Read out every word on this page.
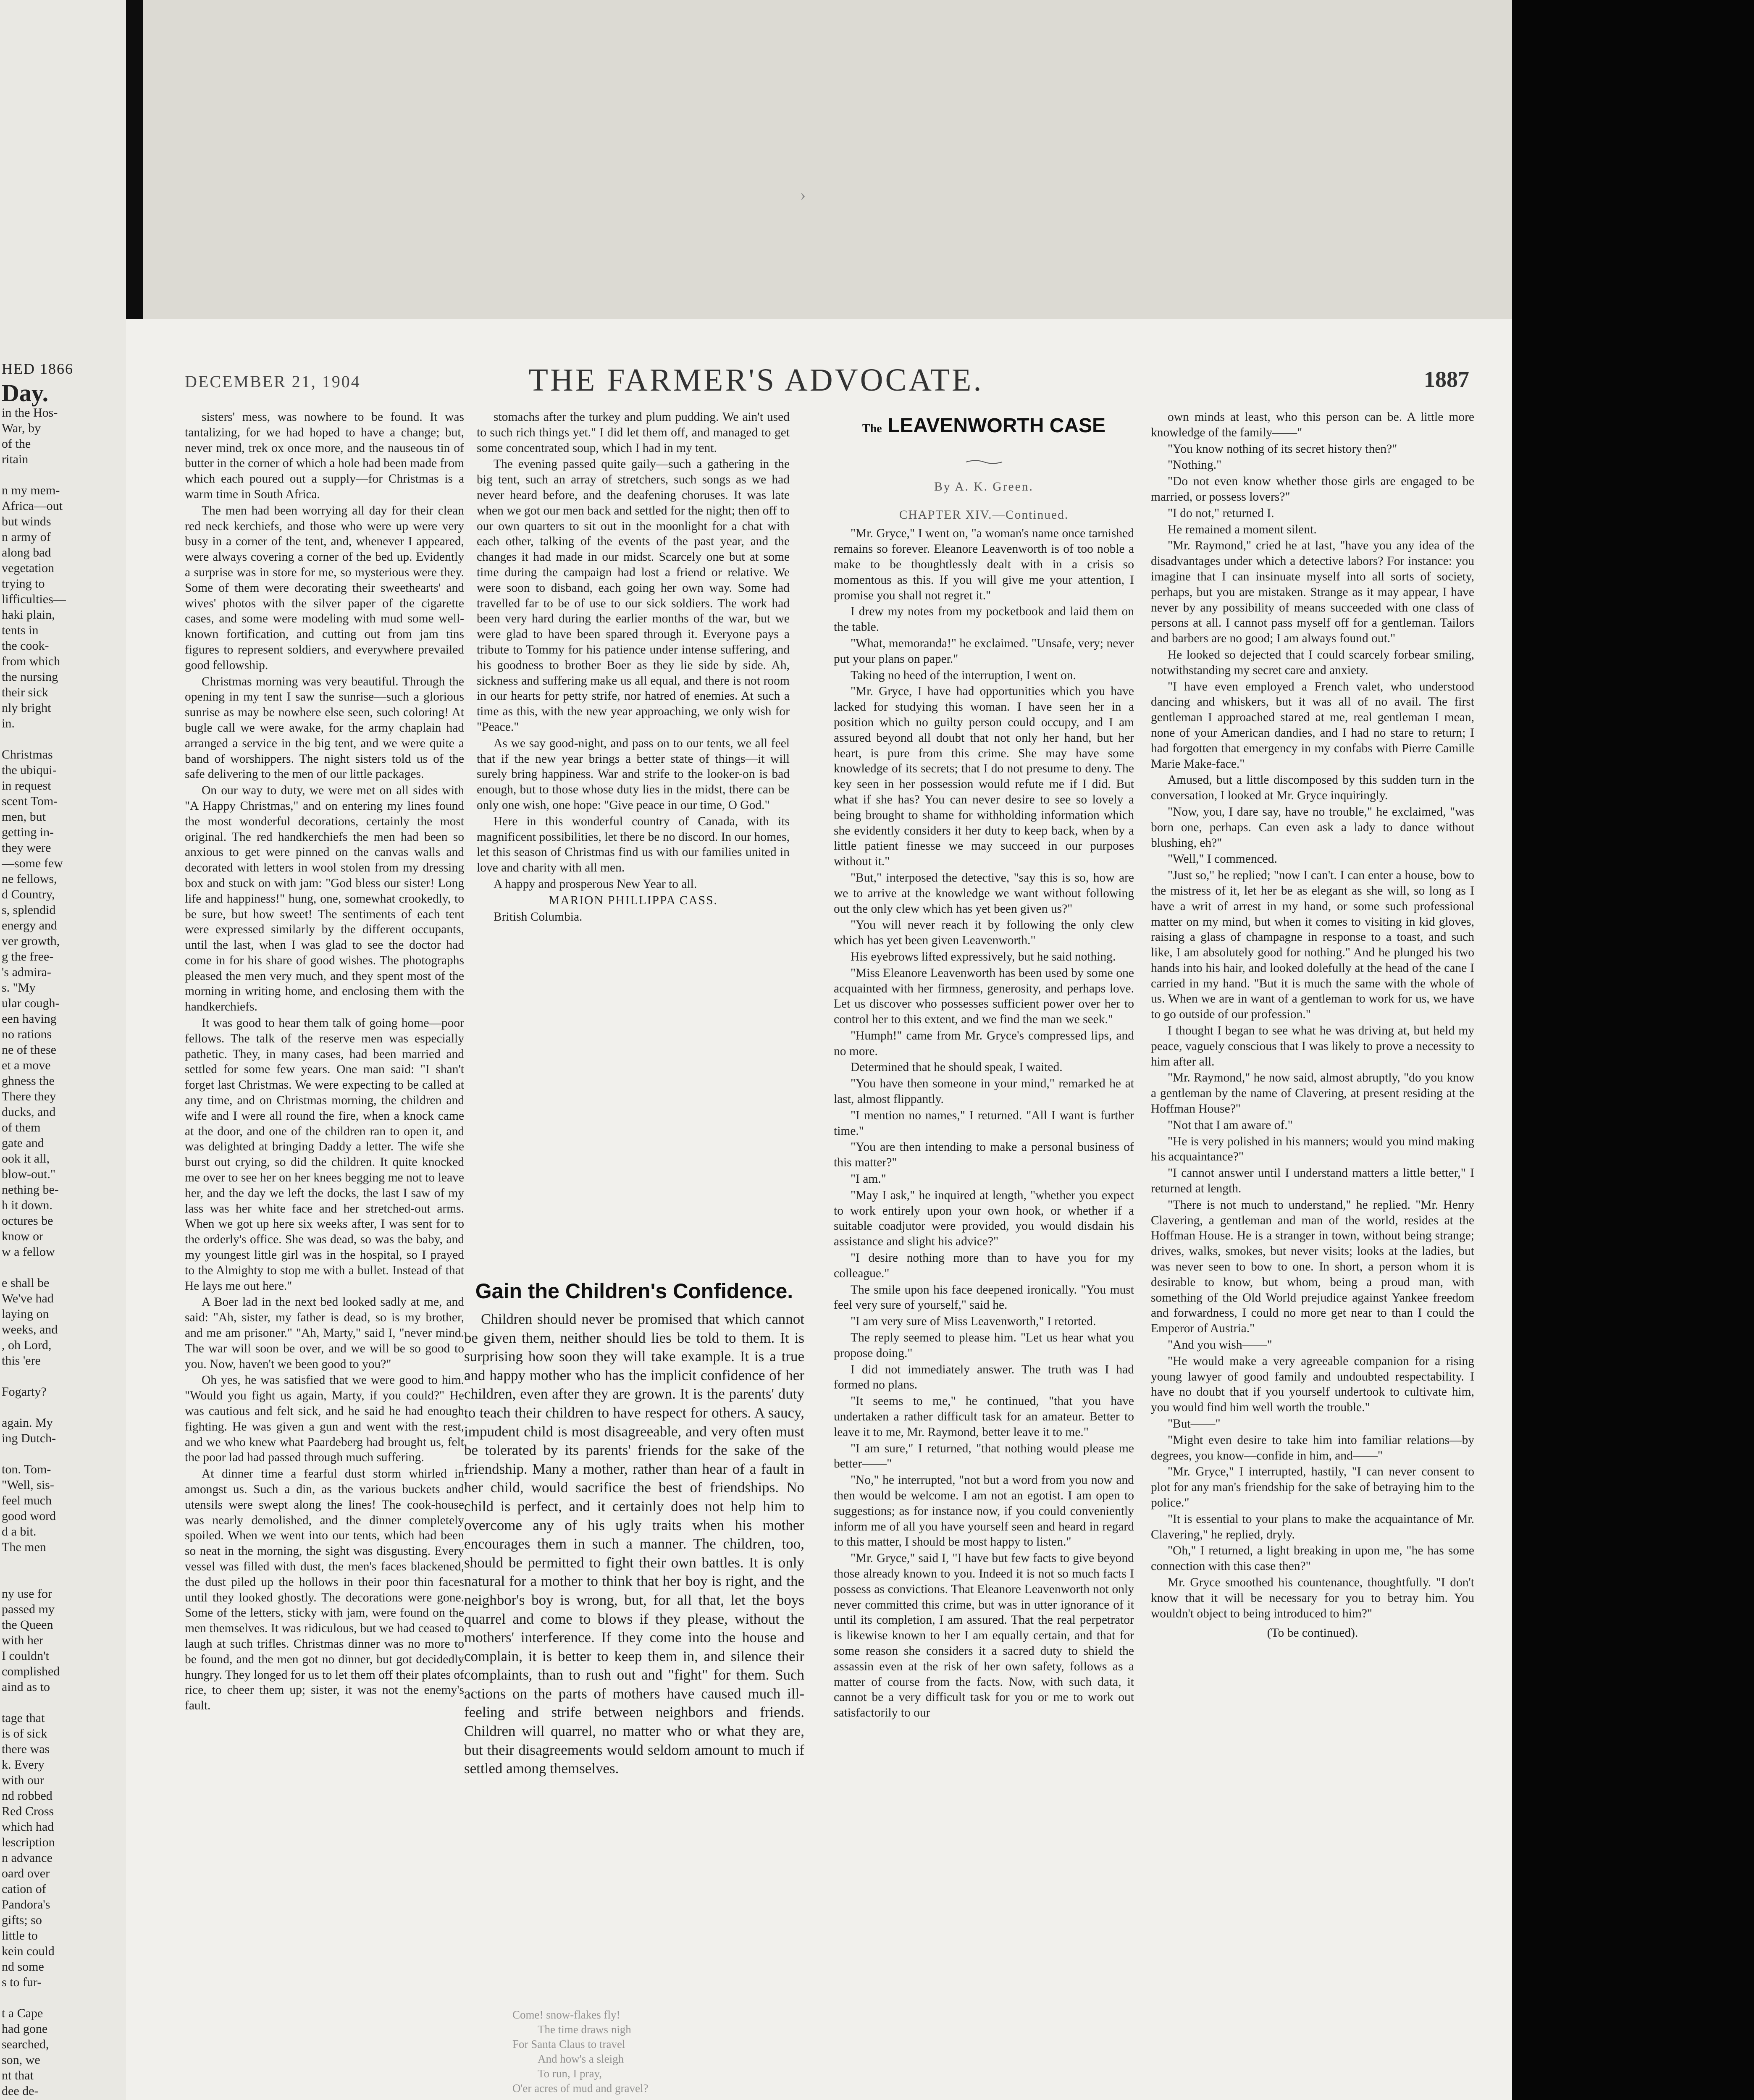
HED 1866
Day.

in the Hos-

War, by

of the

ritain

n my mem-

Africa—out

but winds

n army of

along bad

vegetation

trying to

lifficulties—

haki plain,

tents in

the cook-

from which

the nursing

their sick

nly bright

in.

Christmas

the ubiqui-

in request

scent Tom-

men, but

getting in-

they were

—some few

ne fellows,

d Country,

s, splendid

energy and

ver growth,

g the free-

's admira-

s. "My

ular cough-

een having

no rations

ne of these

et a move

ghness the

There they

ducks, and

of them

gate and

ook it all,

blow-out."

nething be-

h it down.

octures be

know or

w a fellow

e shall be

We've had

laying on

weeks, and

, oh Lord,

this 'ere

Fogarty?

again. My

ing Dutch-

ton. Tom-

"Well, sis-

feel much

good word

d a bit.

The men

ny use for

passed my

the Queen

with her

I couldn't

complished

aind as to

tage that

is of sick

there was

k. Every

with our

nd robbed

Red Cross

which had

lescription

n advance

oard over

cation of

Pandora's

gifts; so

little to

kein could

nd some

s to fur-

t a Cape

had gone

searched,

son, we

nt that

dee de-

›
DECEMBER 21, 1904	THE FARMER'S ADVOCATE.	1887

sisters' mess, was nowhere to be found. It was tantalizing, for we had hoped to have a change; but, never mind, trek ox once more, and the nauseous tin of butter in the corner of which a hole had been made from which each poured out a supply—for Christmas is a warm time in South Africa.

The men had been worrying all day for their clean red neck kerchiefs, and those who were up were very busy in a corner of the tent, and, whenever I appeared, were always covering a corner of the bed up. Evidently a surprise was in store for me, so mysterious were they. Some of them were decorating their sweethearts' and wives' photos with the silver paper of the cigarette cases, and some were modeling with mud some well-known fortification, and cutting out from jam tins figures to represent soldiers, and everywhere prevailed good fellowship.

Christmas morning was very beautiful. Through the opening in my tent I saw the sunrise—such a glorious sunrise as may be nowhere else seen, such coloring! At bugle call we were awake, for the army chaplain had arranged a service in the big tent, and we were quite a band of worshippers. The night sisters told us of the safe delivering to the men of our little packages.

On our way to duty, we were met on all sides with "A Happy Christmas," and on entering my lines found the most wonderful decorations, certainly the most original. The red handkerchiefs the men had been so anxious to get were pinned on the canvas walls and decorated with letters in wool stolen from my dressing box and stuck on with jam: "God bless our sister! Long life and happiness!" hung, one, somewhat crookedly, to be sure, but how sweet! The sentiments of each tent were expressed similarly by the different occupants, until the last, when I was glad to see the doctor had come in for his share of good wishes. The photographs pleased the men very much, and they spent most of the morning in writing home, and enclosing them with the handkerchiefs.

It was good to hear them talk of going home—poor fellows. The talk of the reserve men was especially pathetic. They, in many cases, had been married and settled for some few years. One man said: "I shan't forget last Christmas. We were expecting to be called at any time, and on Christmas morning, the children and wife and I were all round the fire, when a knock came at the door, and one of the children ran to open it, and was delighted at bringing Daddy a letter. The wife she burst out crying, so did the children. It quite knocked me over to see her on her knees begging me not to leave her, and the day we left the docks, the last I saw of my lass was her white face and her stretched-out arms. When we got up here six weeks after, I was sent for to the orderly's office. She was dead, so was the baby, and my youngest little girl was in the hospital, so I prayed to the Almighty to stop me with a bullet. Instead of that He lays me out here."

A Boer lad in the next bed looked sadly at me, and said: "Ah, sister, my father is dead, so is my brother, and me am prisoner." "Ah, Marty," said I, "never mind. The war will soon be over, and we will be so good to you. Now, haven't we been good to you?"

Oh yes, he was satisfied that we were good to him. "Would you fight us again, Marty, if you could?" He was cautious and felt sick, and he said he had enough fighting. He was given a gun and went with the rest, and we who knew what Paardeberg had brought us, felt the poor lad had passed through much suffering.

At dinner time a fearful dust storm whirled in amongst us. Such a din, as the various buckets and utensils were swept along the lines! The cook-house was nearly demolished, and the dinner completely spoiled. When we went into our tents, which had been so neat in the morning, the sight was disgusting. Every vessel was filled with dust, the men's faces blackened, the dust piled up the hollows in their poor thin faces until they looked ghostly. The decorations were gone. Some of the letters, sticky with jam, were found on the men themselves. It was ridiculous, but we had ceased to laugh at such trifles. Christmas dinner was no more to be found, and the men got no dinner, but got decidedly hungry. They longed for us to let them off their plates of rice, to cheer them up; sister, it was not the enemy's fault.

stomachs after the turkey and plum pudding. We ain't used to such rich things yet." I did let them off, and managed to get some concentrated soup, which I had in my tent.

The evening passed quite gaily—such a gathering in the big tent, such an array of stretchers, such songs as we had never heard before, and the deafening choruses. It was late when we got our men back and settled for the night; then off to our own quarters to sit out in the moonlight for a chat with each other, talking of the events of the past year, and the changes it had made in our midst. Scarcely one but at some time during the campaign had lost a friend or relative. We were soon to disband, each going her own way. Some had travelled far to be of use to our sick soldiers. The work had been very hard during the earlier months of the war, but we were glad to have been spared through it. Everyone pays a tribute to Tommy for his patience under intense suffering, and his goodness to brother Boer as they lie side by side. Ah, sickness and suffering make us all equal, and there is not room in our hearts for petty strife, nor hatred of enemies. At such a time as this, with the new year approaching, we only wish for "Peace."

As we say good-night, and pass on to our tents, we all feel that if the new year brings a better state of things—it will surely bring happiness. War and strife to the looker-on is bad enough, but to those whose duty lies in the midst, there can be only one wish, one hope: "Give peace in our time, O God."

Here in this wonderful country of Canada, with its magnificent possibilities, let there be no discord. In our homes, let this season of Christmas find us with our families united in love and charity with all men.

A happy and prosperous New Year to all.

MARION PHILLIPPA CASS.

British Columbia.

Gain the Children's Confidence.

Children should never be promised that which cannot be given them, neither should lies be told to them. It is surprising how soon they will take example. It is a true and happy mother who has the implicit confidence of her children, even after they are grown. It is the parents' duty to teach their children to have respect for others. A saucy, impudent child is most disagreeable, and very often must be tolerated by its parents' friends for the sake of the friendship. Many a mother, rather than hear of a fault in her child, would sacrifice the best of friendships. No child is perfect, and it certainly does not help him to overcome any of his ugly traits when his mother encourages them in such a manner. The children, too, should be permitted to fight their own battles. It is only natural for a mother to think that her boy is right, and the neighbor's boy is wrong, but, for all that, let the boys quarrel and come to blows if they please, without the mothers' interference. If they come into the house and complain, it is better to keep them in, and silence their complaints, than to rush out and "fight" for them. Such actions on the parts of mothers have caused much ill-feeling and strife between neighbors and friends. Children will quarrel, no matter who or what they are, but their disagreements would seldom amount to much if settled among themselves.

Come! snow-flakes fly!
The time draws nigh
For Santa Claus to travel
And how's a sleigh
To run, I pray,
O'er acres of mud and gravel?

The LEAVENWORTH CASE

By A. K. Green.

CHAPTER XIV.—Continued.

"Mr. Gryce," I went on, "a woman's name once tarnished remains so forever. Eleanore Leavenworth is of too noble a make to be thoughtlessly dealt with in a crisis so momentous as this. If you will give me your attention, I promise you shall not regret it."

I drew my notes from my pocketbook and laid them on the table.

"What, memoranda!" he exclaimed. "Unsafe, very; never put your plans on paper."

Taking no heed of the interruption, I went on.

"Mr. Gryce, I have had opportunities which you have lacked for studying this woman. I have seen her in a position which no guilty person could occupy, and I am assured beyond all doubt that not only her hand, but her heart, is pure from this crime. She may have some knowledge of its secrets; that I do not presume to deny. The key seen in her possession would refute me if I did. But what if she has? You can never desire to see so lovely a being brought to shame for withholding information which she evidently considers it her duty to keep back, when by a little patient finesse we may succeed in our purposes without it."

"But," interposed the detective, "say this is so, how are we to arrive at the knowledge we want without following out the only clew which has yet been given us?"

"You will never reach it by following the only clew which has yet been given Leavenworth."

His eyebrows lifted expressively, but he said nothing.

"Miss Eleanore Leavenworth has been used by some one acquainted with her firmness, generosity, and perhaps love. Let us discover who possesses sufficient power over her to control her to this extent, and we find the man we seek."

"Humph!" came from Mr. Gryce's compressed lips, and no more.

Determined that he should speak, I waited.

"You have then someone in your mind," remarked he at last, almost flippantly.

"I mention no names," I returned. "All I want is further time."

"You are then intending to make a personal business of this matter?"

"I am."

"May I ask," he inquired at length, "whether you expect to work entirely upon your own hook, or whether if a suitable coadjutor were provided, you would disdain his assistance and slight his advice?"

"I desire nothing more than to have you for my colleague."

The smile upon his face deepened ironically. "You must feel very sure of yourself," said he.

"I am very sure of Miss Leavenworth," I retorted.

The reply seemed to please him. "Let us hear what you propose doing."

I did not immediately answer. The truth was I had formed no plans.

"It seems to me," he continued, "that you have undertaken a rather difficult task for an amateur. Better to leave it to me, Mr. Raymond, better leave it to me."

"I am sure," I returned, "that nothing would please me better——"

"No," he interrupted, "not but a word from you now and then would be welcome. I am not an egotist. I am open to suggestions; as for instance now, if you could conveniently inform me of all you have yourself seen and heard in regard to this matter, I should be most happy to listen."

"Mr. Gryce," said I, "I have but few facts to give beyond those already known to you. Indeed it is not so much facts I possess as convictions. That Eleanore Leavenworth not only never committed this crime, but was in utter ignorance of it until its completion, I am assured. That the real perpetrator is likewise known to her I am equally certain, and that for some reason she considers it a sacred duty to shield the assassin even at the risk of her own safety, follows as a matter of course from the facts. Now, with such data, it cannot be a very difficult task for you or me to work out satisfactorily to our

own minds at least, who this person can be. A little more knowledge of the family——"

"You know nothing of its secret history then?"

"Nothing."

"Do not even know whether those girls are engaged to be married, or possess lovers?"

"I do not," returned I.

He remained a moment silent.

"Mr. Raymond," cried he at last, "have you any idea of the disadvantages under which a detective labors? For instance: you imagine that I can insinuate myself into all sorts of society, perhaps, but you are mistaken. Strange as it may appear, I have never by any possibility of means succeeded with one class of persons at all. I cannot pass myself off for a gentleman. Tailors and barbers are no good; I am always found out."

He looked so dejected that I could scarcely forbear smiling, notwithstanding my secret care and anxiety.

"I have even employed a French valet, who understood dancing and whiskers, but it was all of no avail. The first gentleman I approached stared at me, real gentleman I mean, none of your American dandies, and I had no stare to return; I had forgotten that emergency in my confabs with Pierre Camille Marie Make-face."

Amused, but a little discomposed by this sudden turn in the conversation, I looked at Mr. Gryce inquiringly.

"Now, you, I dare say, have no trouble," he exclaimed, "was born one, perhaps. Can even ask a lady to dance without blushing, eh?"

"Well," I commenced.

"Just so," he replied; "now I can't. I can enter a house, bow to the mistress of it, let her be as elegant as she will, so long as I have a writ of arrest in my hand, or some such professional matter on my mind, but when it comes to visiting in kid gloves, raising a glass of champagne in response to a toast, and such like, I am absolutely good for nothing." And he plunged his two hands into his hair, and looked dolefully at the head of the cane I carried in my hand. "But it is much the same with the whole of us. When we are in want of a gentleman to work for us, we have to go outside of our profession."

I thought I began to see what he was driving at, but held my peace, vaguely conscious that I was likely to prove a necessity to him after all.

"Mr. Raymond," he now said, almost abruptly, "do you know a gentleman by the name of Clavering, at present residing at the Hoffman House?"

"Not that I am aware of."

"He is very polished in his manners; would you mind making his acquaintance?"

"I cannot answer until I understand matters a little better," I returned at length.

"There is not much to understand," he replied. "Mr. Henry Clavering, a gentleman and man of the world, resides at the Hoffman House. He is a stranger in town, without being strange; drives, walks, smokes, but never visits; looks at the ladies, but was never seen to bow to one. In short, a person whom it is desirable to know, but whom, being a proud man, with something of the Old World prejudice against Yankee freedom and forwardness, I could no more get near to than I could the Emperor of Austria."

"And you wish——"

"He would make a very agreeable companion for a rising young lawyer of good family and undoubted respectability. I have no doubt that if you yourself undertook to cultivate him, you would find him well worth the trouble."

"But——"

"Might even desire to take him into familiar relations—by degrees, you know—confide in him, and——"

"Mr. Gryce," I interrupted, hastily, "I can never consent to plot for any man's friendship for the sake of betraying him to the police."

"It is essential to your plans to make the acquaintance of Mr. Clavering," he replied, dryly.

"Oh," I returned, a light breaking in upon me, "he has some connection with this case then?"

Mr. Gryce smoothed his countenance, thoughtfully. "I don't know that it will be necessary for you to betray him. You wouldn't object to being introduced to him?"

(To be continued).
